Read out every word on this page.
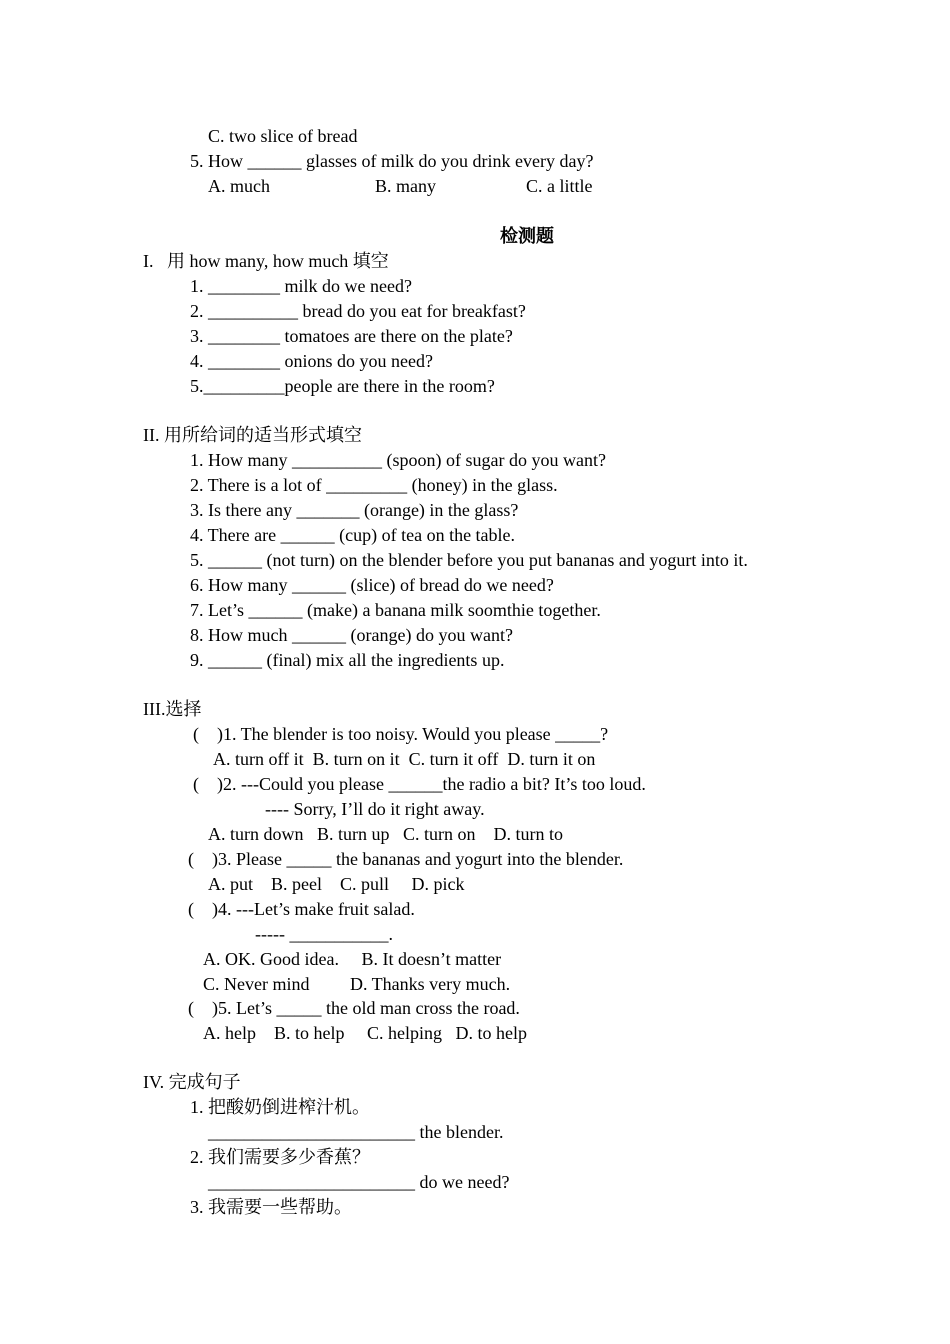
C. two slice of bread
5. How ______ glasses of milk do you drink every day?
A. much	B. many	C. a little
检测题
I.   用 how many, how much 填空
1. ________ milk do we need?
2. __________ bread do you eat for breakfast?
3. ________ tomatoes are there on the plate?
4. ________ onions do you need?
5._________people are there in the room?
II. 用所给词的适当形式填空
1. How many __________ (spoon) of sugar do you want?
2. There is a lot of _________ (honey) in the glass.
3. Is there any _______ (orange) in the glass?
4. There are ______ (cup) of tea on the table.
5. ______ (not turn) on the blender before you put bananas and yogurt into it.
6. How many ______ (slice) of bread do we need?
7. Let’s ______ (make) a banana milk soomthie together.
8. How much ______ (orange) do you want?
9. ______ (final) mix all the ingredients up.
III.选择
(    )1. The blender is too noisy. Would you please _____?
A. turn off it  B. turn on it  C. turn it off  D. turn it on
(    )2. ---Could you please ______the radio a bit? It’s too loud.
---- Sorry, I’ll do it right away.
A. turn down   B. turn up   C. turn on    D. turn to
(    )3. Please _____ the bananas and yogurt into the blender.
A. put    B. peel    C. pull     D. pick
(    )4. ---Let’s make fruit salad.
----- ___________.
A. OK. Good idea.     B. It doesn’t matter
C. Never mind         D. Thanks very much.
(    )5. Let’s _____ the old man cross the road.
A. help    B. to help     C. helping   D. to help
IV. 完成句子
1. 把酸奶倒进榨汁机。
_______________________ the blender.
2. 我们需要多少香蕉？
_______________________ do we need?
3. 我需要一些帮助。
